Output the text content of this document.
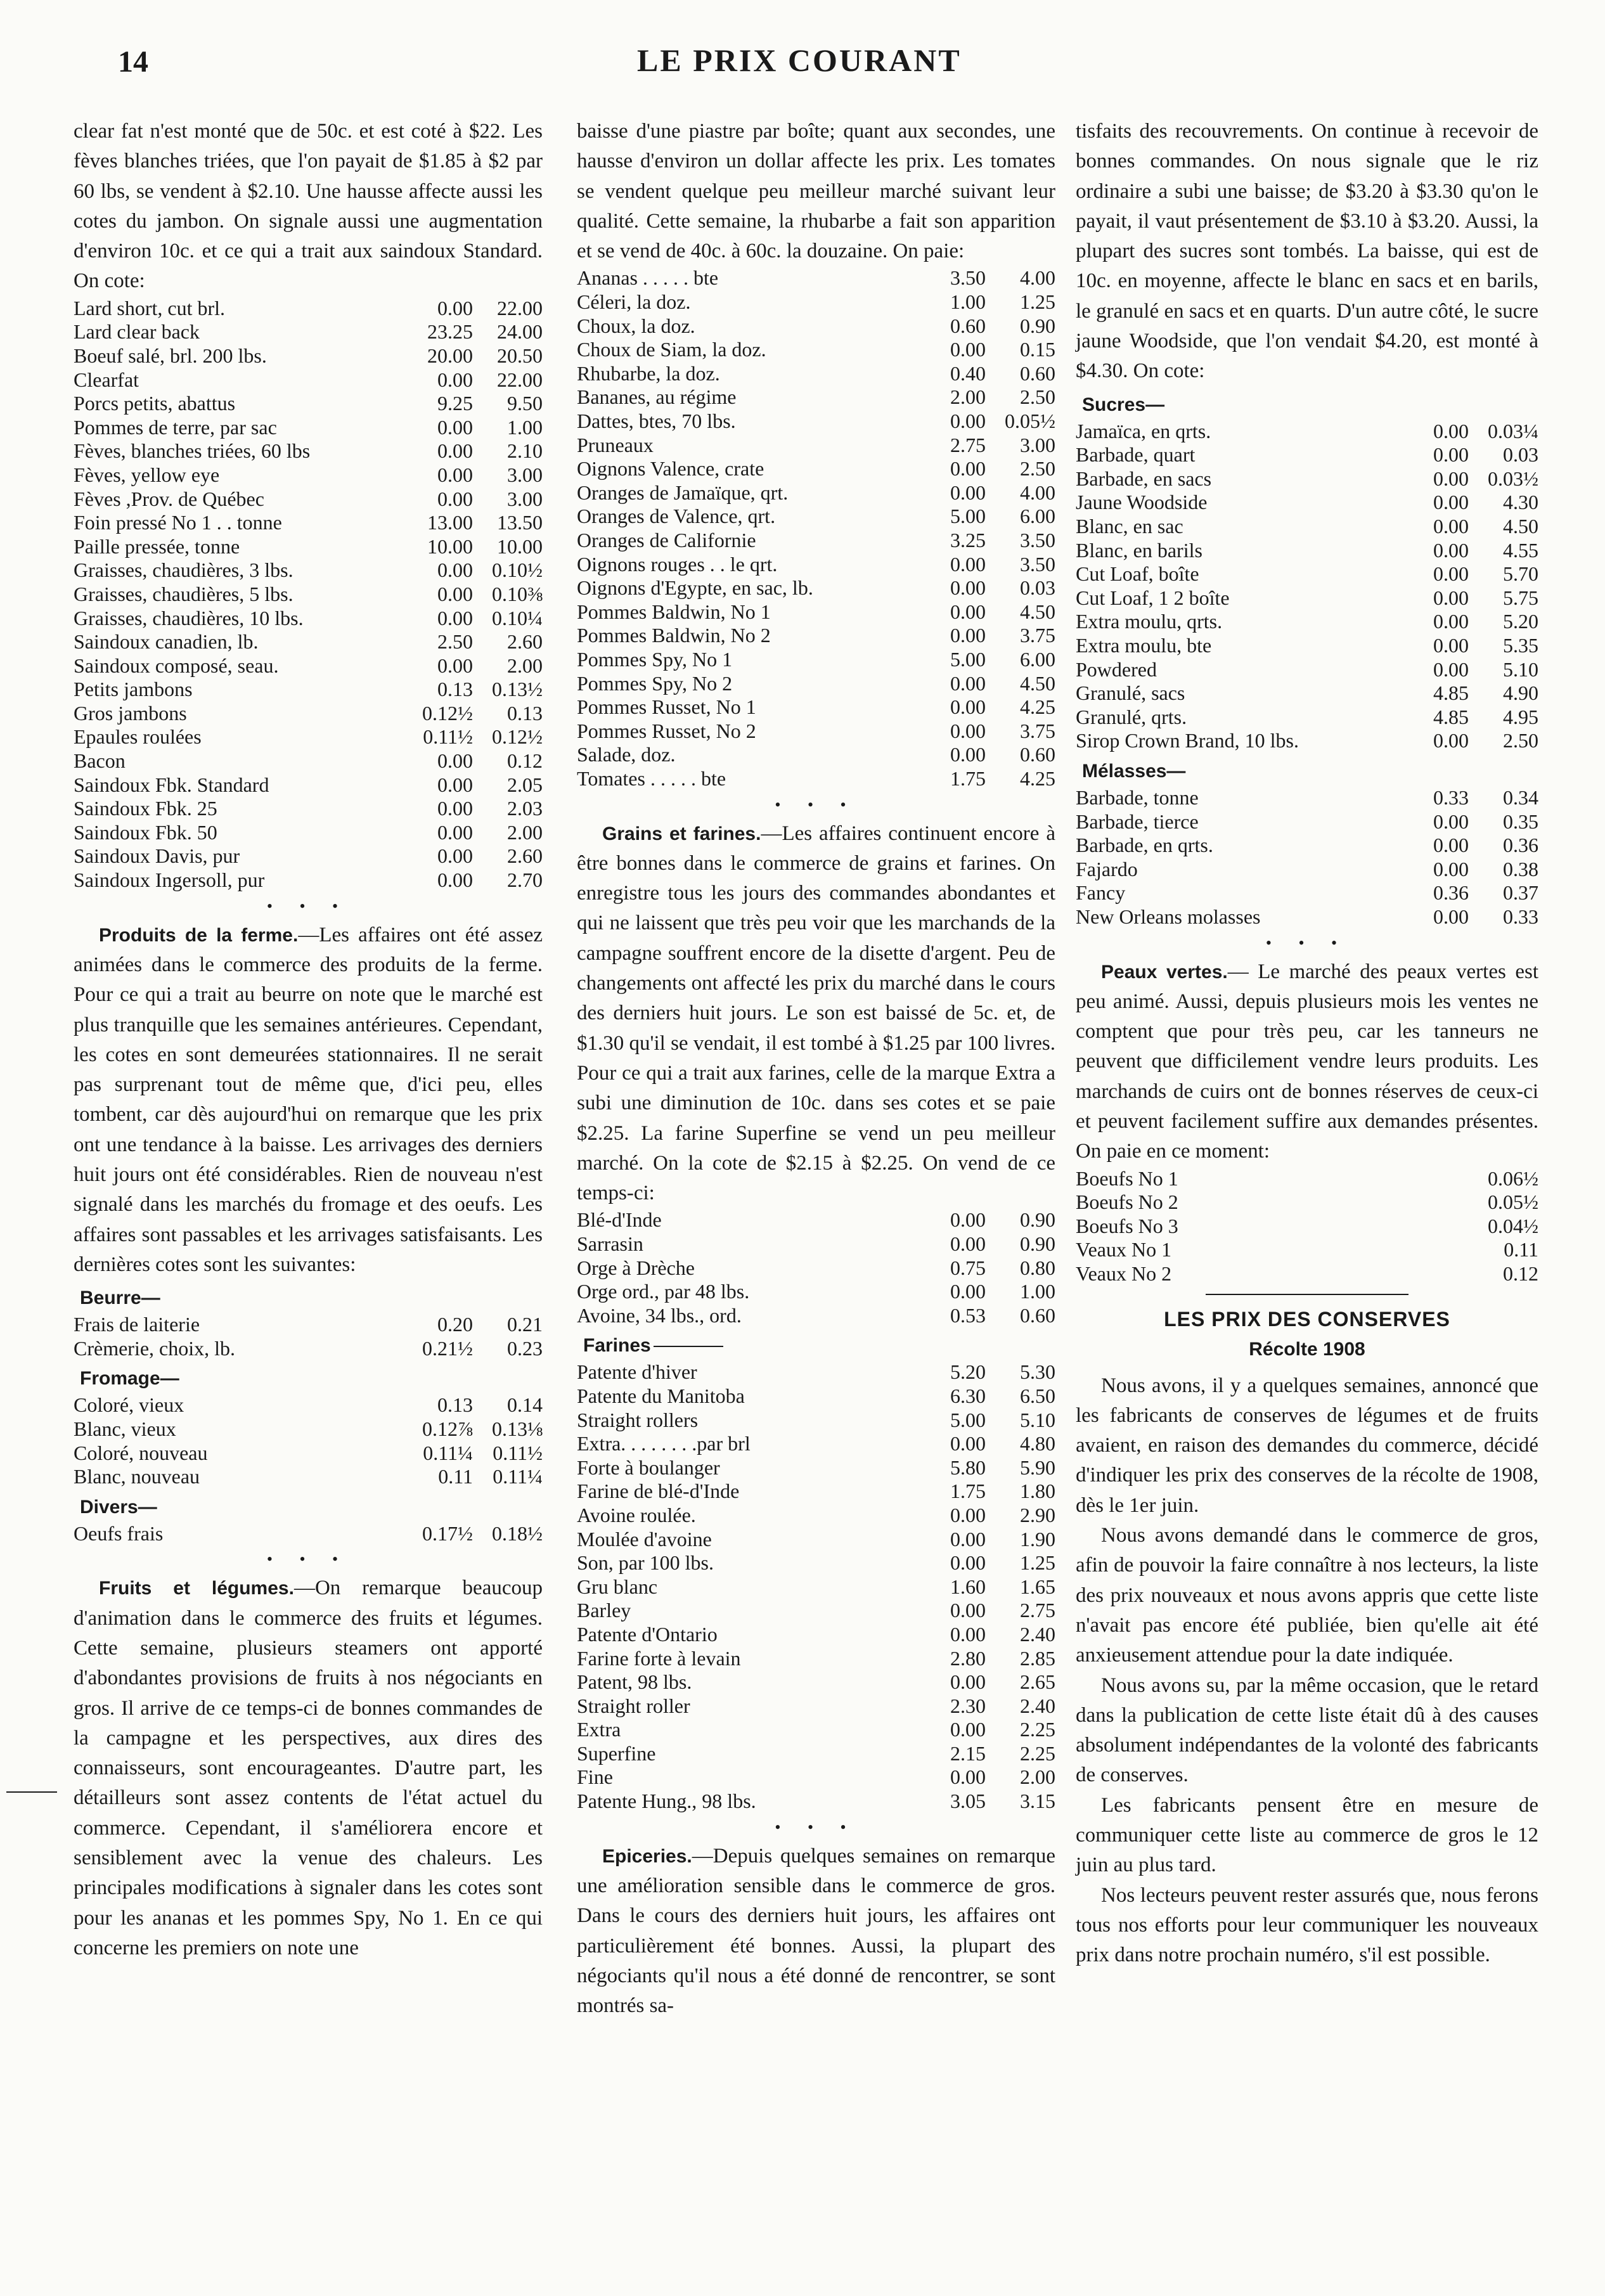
14	LE PRIX COURANT

clear fat n'est monté que de 50c. et est coté à $22. Les fèves blanches triées, que l'on payait de $1.85 à $2 par 60 lbs, se vendent à $2.10. Une hausse affecte aussi les cotes du jambon. On signale aussi une augmentation d'environ 10c. et ce qui a trait aux saindoux Standard. On cote:

Lard short, cut brl.	0.00	22.00
Lard clear back	23.25	24.00
Boeuf salé, brl. 200 lbs.	20.00	20.50
Clearfat	0.00	22.00
Porcs petits, abattus	9.25	9.50
Pommes de terre, par sac	0.00	1.00
Fèves, blanches triées, 60 lbs	0.00	2.10
Fèves, yellow eye	0.00	3.00
Fèves ,Prov. de Québec	0.00	3.00
Foin pressé No 1 . . tonne	13.00	13.50
Paille pressée, tonne	10.00	10.00
Graisses, chaudières, 3 lbs.	0.00	0.10½
Graisses, chaudières, 5 lbs.	0.00	0.10⅜
Graisses, chaudières, 10 lbs.	0.00	0.10¼
Saindoux canadien, lb.	2.50	2.60
Saindoux composé, seau.	0.00	2.00
Petits jambons	0.13	0.13½
Gros jambons	0.12½	0.13
Epaules roulées	0.11½	0.12½
Bacon	0.00	0.12
Saindoux Fbk. Standard	0.00	2.05
Saindoux Fbk. 25	0.00	2.03
Saindoux Fbk. 50	0.00	2.00
Saindoux Davis, pur	0.00	2.60
Saindoux Ingersoll, pur	0.00	2.70
• • •

Produits de la ferme.—Les affaires ont été assez animées dans le commerce des produits de la ferme. Pour ce qui a trait au beurre on note que le marché est plus tranquille que les semaines antérieures. Cependant, les cotes en sont demeurées stationnaires. Il ne serait pas surprenant tout de même que, d'ici peu, elles tombent, car dès aujourd'hui on remarque que les prix ont une tendance à la baisse. Les arrivages des derniers huit jours ont été considérables. Rien de nouveau n'est signalé dans les marchés du fromage et des oeufs. Les affaires sont passables et les arrivages satisfaisants. Les dernières cotes sont les suivantes:

Beurre—
Frais de laiterie	0.20	0.21
Crèmerie, choix, lb.	0.21½	0.23
Fromage—
Coloré, vieux	0.13	0.14
Blanc, vieux	0.12⅞	0.13⅛
Coloré, nouveau	0.11¼	0.11½
Blanc, nouveau	0.11	0.11¼
Divers—
Oeufs frais	0.17½	0.18½
• • •

Fruits et légumes.—On remarque beaucoup d'animation dans le commerce des fruits et légumes. Cette semaine, plusieurs steamers ont apporté d'abondantes provisions de fruits à nos négociants en gros. Il arrive de ce temps-ci de bonnes commandes de la campagne et les perspectives, aux dires des connaisseurs, sont encourageantes. D'autre part, les détailleurs sont assez contents de l'état actuel du commerce. Cependant, il s'améliorera encore et sensiblement avec la venue des chaleurs. Les principales modifications à signaler dans les cotes sont pour les ananas et les pommes Spy, No 1. En ce qui concerne les premiers on note une

baisse d'une piastre par boîte; quant aux secondes, une hausse d'environ un dollar affecte les prix. Les tomates se vendent quelque peu meilleur marché suivant leur qualité. Cette semaine, la rhubarbe a fait son apparition et se vend de 40c. à 60c. la douzaine. On paie:

Ananas . . . . . bte	3.50	4.00
Céleri, la doz.	1.00	1.25
Choux, la doz.	0.60	0.90
Choux de Siam, la doz.	0.00	0.15
Rhubarbe, la doz.	0.40	0.60
Bananes, au régime	2.00	2.50
Dattes, btes, 70 lbs.	0.00	0.05½
Pruneaux	2.75	3.00
Oignons Valence, crate	0.00	2.50
Oranges de Jamaïque, qrt.	0.00	4.00
Oranges de Valence, qrt.	5.00	6.00
Oranges de Californie	3.25	3.50
Oignons rouges . . le qrt.	0.00	3.50
Oignons d'Egypte, en sac, lb.	0.00	0.03
Pommes Baldwin, No 1	0.00	4.50
Pommes Baldwin, No 2	0.00	3.75
Pommes Spy, No 1	5.00	6.00
Pommes Spy, No 2	0.00	4.50
Pommes Russet, No 1	0.00	4.25
Pommes Russet, No 2	0.00	3.75
Salade, doz.	0.00	0.60
Tomates . . . . . bte	1.75	4.25
• • •

Grains et farines.—Les affaires continuent encore à être bonnes dans le commerce de grains et farines. On enregistre tous les jours des commandes abondantes et qui ne laissent que très peu voir que les marchands de la campagne souffrent encore de la disette d'argent. Peu de changements ont affecté les prix du marché dans le cours des derniers huit jours. Le son est baissé de 5c. et, de $1.30 qu'il se vendait, il est tombé à $1.25 par 100 livres. Pour ce qui a trait aux farines, celle de la marque Extra a subi une diminution de 10c. dans ses cotes et se paie $2.25. La farine Superfine se vend un peu meilleur marché. On la cote de $2.15 à $2.25. On vend de ce temps-ci:

Blé-d'Inde	0.00	0.90
Sarrasin	0.00	0.90
Orge à Drèche	0.75	0.80
Orge ord., par 48 lbs.	0.00	1.00
Avoine, 34 lbs., ord.	0.53	0.60
Farines
Patente d'hiver	5.20	5.30
Patente du Manitoba	6.30	6.50
Straight rollers	5.00	5.10
Extra. . . . . . . .par brl	0.00	4.80
Forte à boulanger	5.80	5.90
Farine de blé-d'Inde	1.75	1.80
Avoine roulée.	0.00	2.90
Moulée d'avoine	0.00	1.90
Son, par 100 lbs.	0.00	1.25
Gru blanc	1.60	1.65
Barley	0.00	2.75
Patente d'Ontario	0.00	2.40
Farine forte à levain	2.80	2.85
Patent, 98 lbs.	0.00	2.65
Straight roller	2.30	2.40
Extra	0.00	2.25
Superfine	2.15	2.25
Fine	0.00	2.00
Patente Hung., 98 lbs.	3.05	3.15
• • •

Epiceries.—Depuis quelques semaines on remarque une amélioration sensible dans le commerce de gros. Dans le cours des derniers huit jours, les affaires ont particulièrement été bonnes. Aussi, la plupart des négociants qu'il nous a été donné de rencontrer, se sont montrés sa-

tisfaits des recouvrements. On continue à recevoir de bonnes commandes. On nous signale que le riz ordinaire a subi une baisse; de $3.20 à $3.30 qu'on le payait, il vaut présentement de $3.10 à $3.20. Aussi, la plupart des sucres sont tombés. La baisse, qui est de 10c. en moyenne, affecte le blanc en sacs et en barils, le granulé en sacs et en quarts. D'un autre côté, le sucre jaune Woodside, que l'on vendait $4.20, est monté à $4.30. On cote:

Sucres—
Jamaïca, en qrts.	0.00	0.03¼
Barbade, quart	0.00	0.03
Barbade, en sacs	0.00	0.03½
Jaune Woodside	0.00	4.30
Blanc, en sac	0.00	4.50
Blanc, en barils	0.00	4.55
Cut Loaf, boîte	0.00	5.70
Cut Loaf, 1 2 boîte	0.00	5.75
Extra moulu, qrts.	0.00	5.20
Extra moulu, bte	0.00	5.35
Powdered	0.00	5.10
Granulé, sacs	4.85	4.90
Granulé, qrts.	4.85	4.95
Sirop Crown Brand, 10 lbs.	0.00	2.50
Mélasses—
Barbade, tonne	0.33	0.34
Barbade, tierce	0.00	0.35
Barbade, en qrts.	0.00	0.36
Fajardo	0.00	0.38
Fancy	0.36	0.37
New Orleans molasses	0.00	0.33
• • •

Peaux vertes.— Le marché des peaux vertes est peu animé. Aussi, depuis plusieurs mois les ventes ne comptent que pour très peu, car les tanneurs ne peuvent que difficilement vendre leurs produits. Les marchands de cuirs ont de bonnes réserves de ceux-ci et peuvent facilement suffire aux demandes présentes. On paie en ce moment:

Boeufs No 1		0.06½
Boeufs No 2		0.05½
Boeufs No 3		0.04½
Veaux No 1		0.11
Veaux No 2		0.12
LES PRIX DES CONSERVES
Récolte 1908

Nous avons, il y a quelques semaines, annoncé que les fabricants de conserves de légumes et de fruits avaient, en raison des demandes du commerce, décidé d'indiquer les prix des conserves de la récolte de 1908, dès le 1er juin.

Nous avons demandé dans le commerce de gros, afin de pouvoir la faire connaître à nos lecteurs, la liste des prix nouveaux et nous avons appris que cette liste n'avait pas encore été publiée, bien qu'elle ait été anxieusement attendue pour la date indiquée.

Nous avons su, par la même occasion, que le retard dans la publication de cette liste était dû à des causes absolument indépendantes de la volonté des fabricants de conserves.

Les fabricants pensent être en mesure de communiquer cette liste au commerce de gros le 12 juin au plus tard.

Nos lecteurs peuvent rester assurés que, nous ferons tous nos efforts pour leur communiquer les nouveaux prix dans notre prochain numéro, s'il est possible.
